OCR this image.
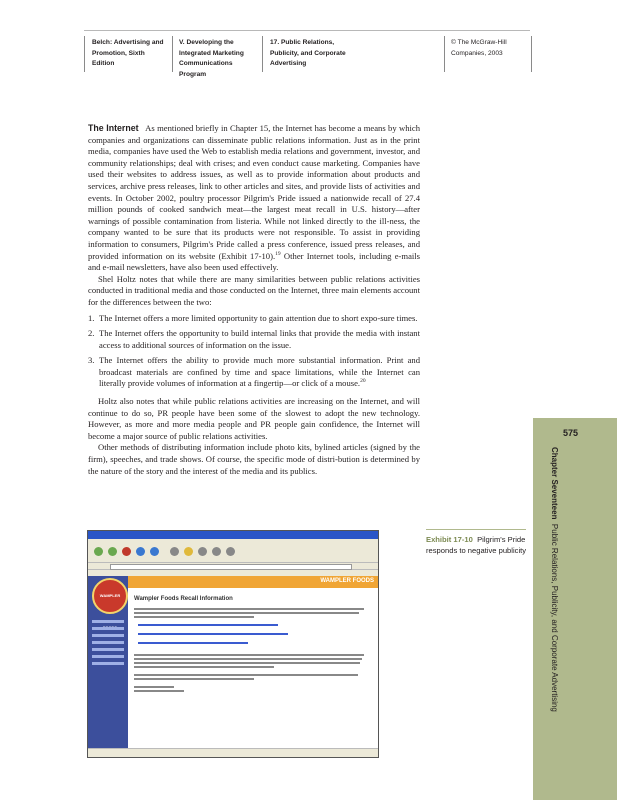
Belch: Advertising and
Promotion, Sixth Edition
V. Developing the
Integrated Marketing
Communications Program
17. Public Relations,
Publicity, and Corporate
Advertising
© The McGraw-Hill
Companies, 2003

The Internet As mentioned briefly in Chapter 15, the Internet has become a means by which companies and organizations can disseminate public relations information. Just as in the print media, companies have used the Web to establish media relations and government, investor, and community relationships; deal with crises; and even conduct cause marketing. Companies have used their websites to address issues, as well as to provide information about products and services, archive press releases, link to other articles and sites, and provide lists of activities and events. In October 2002, poultry processor Pilgrim's Pride issued a nationwide recall of 27.4 million pounds of cooked sandwich meat—the largest meat recall in U.S. history—after warnings of possible contamination from listeria. While not linked directly to the ill-ness, the company wanted to be sure that its products were not responsible. To assist in providing information to consumers, Pilgrim's Pride called a press conference, issued press releases, and provided information on its website (Exhibit 17-10).$^{19}$ Other Internet tools, including e-mails and e-mail newsletters, have also been used effectively.

Shel Holtz notes that while there are many similarities between public relations activities conducted in traditional media and those conducted on the Internet, three main elements account for the differences between the two:

1. The Internet offers a more limited opportunity to gain attention due to short expo-sure times.
2. The Internet offers the opportunity to build internal links that provide the media with instant access to additional sources of information on the issue.
3. The Internet offers the ability to provide much more substantial information. Print and broadcast materials are confined by time and space limitations, while the Internet can literally provide volumes of information at a fingertip—or click of a mouse.$^{20}$

Holtz also notes that while public relations activities are increasing on the Internet, and will continue to do so, PR people have been some of the slowest to adopt the new technology. However, as more and more media people and PR people gain confidence, the Internet will become a major source of public relations activities.

Other methods of distributing information include photo kits, bylined articles (signed by the firm), speeches, and trade shows. Of course, the specific mode of distri-bution is determined by the nature of the story and the interest of the media and its publics.

575
Chapter Seventeen  Public Relations, Publicity, and Corporate Advertising
Exhibit 17-10 Pilgrim's Pride responds to negative publicity
WAMPLER
WAMPLER FOODS
Wampler Foods Recall Information
